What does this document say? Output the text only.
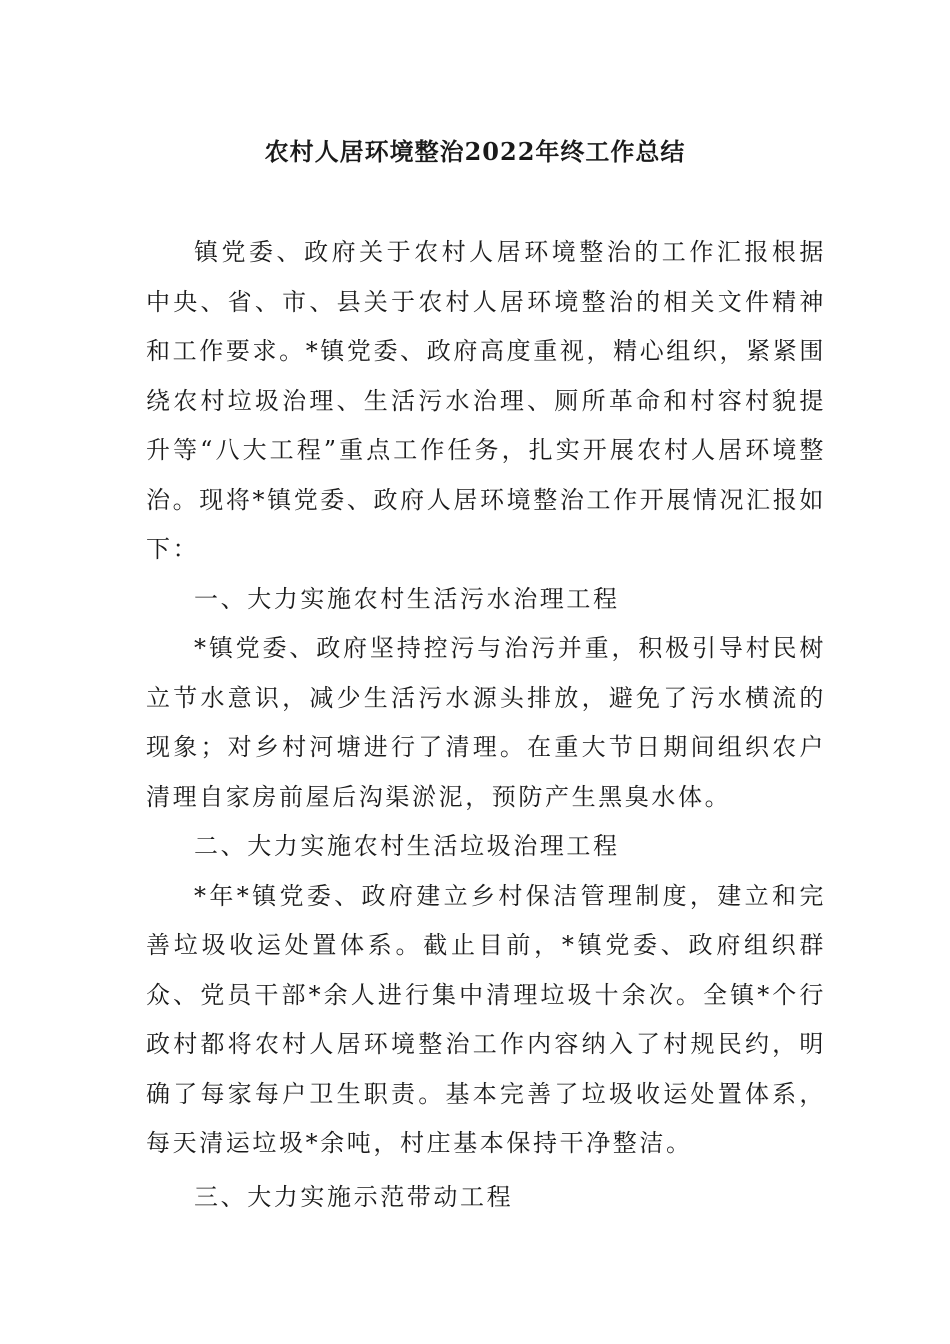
农村人居环境整治2022年终工作总结

镇党委、政府关于农村人居环境整治的工作汇报根据中央、省、市、县关于农村人居环境整治的相关文件精神和工作要求。*镇党委、政府高度重视，精心组织，紧紧围绕农村垃圾治理、生活污水治理、厕所革命和村容村貌提升等“八大工程”重点工作任务，扎实开展农村人居环境整治。现将*镇党委、政府人居环境整治工作开展情况汇报如下：

一、大力实施农村生活污水治理工程

*镇党委、政府坚持控污与治污并重，积极引导村民树立节水意识，减少生活污水源头排放，避免了污水横流的现象；对乡村河塘进行了清理。在重大节日期间组织农户清理自家房前屋后沟渠淤泥，预防产生黑臭水体。

二、大力实施农村生活垃圾治理工程

*年*镇党委、政府建立乡村保洁管理制度，建立和完善垃圾收运处置体系。截止目前，*镇党委、政府组织群众、党员干部*余人进行集中清理垃圾十余次。全镇*个行政村都将农村人居环境整治工作内容纳入了村规民约，明确了每家每户卫生职责。基本完善了垃圾收运处置体系，每天清运垃圾*余吨，村庄基本保持干净整洁。

三、大力实施示范带动工程
